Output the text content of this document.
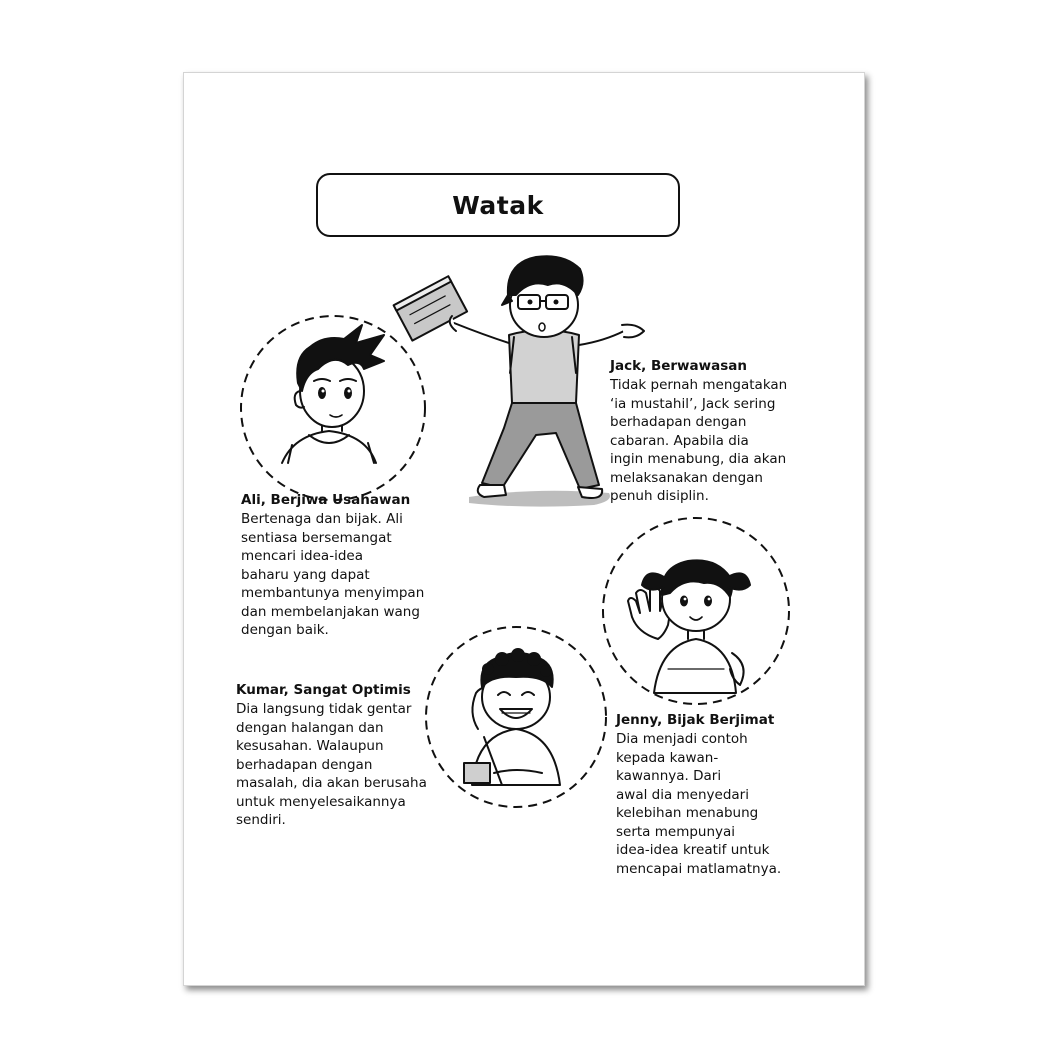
Watak
Jack, Berwawasan
Tidak pernah mengatakan
‘ia mustahil’, Jack sering
berhadapan dengan
cabaran. Apabila dia
ingin menabung, dia akan
melaksanakan dengan
penuh disiplin.
Ali, Berjiwa Usahawan
Bertenaga dan bijak. Ali
sentiasa bersemangat
mencari idea-idea
baharu yang dapat
membantunya menyimpan
dan membelanjakan wang
dengan baik.
Kumar, Sangat Optimis
Dia langsung tidak gentar
dengan halangan dan
kesusahan. Walaupun
berhadapan dengan
masalah, dia akan berusaha
untuk menyelesaikannya
sendiri.
Jenny, Bijak Berjimat
Dia menjadi contoh
kepada kawan-
kawannya. Dari
awal dia menyedari
kelebihan menabung
serta mempunyai
idea-idea kreatif untuk
mencapai matlamatnya.
